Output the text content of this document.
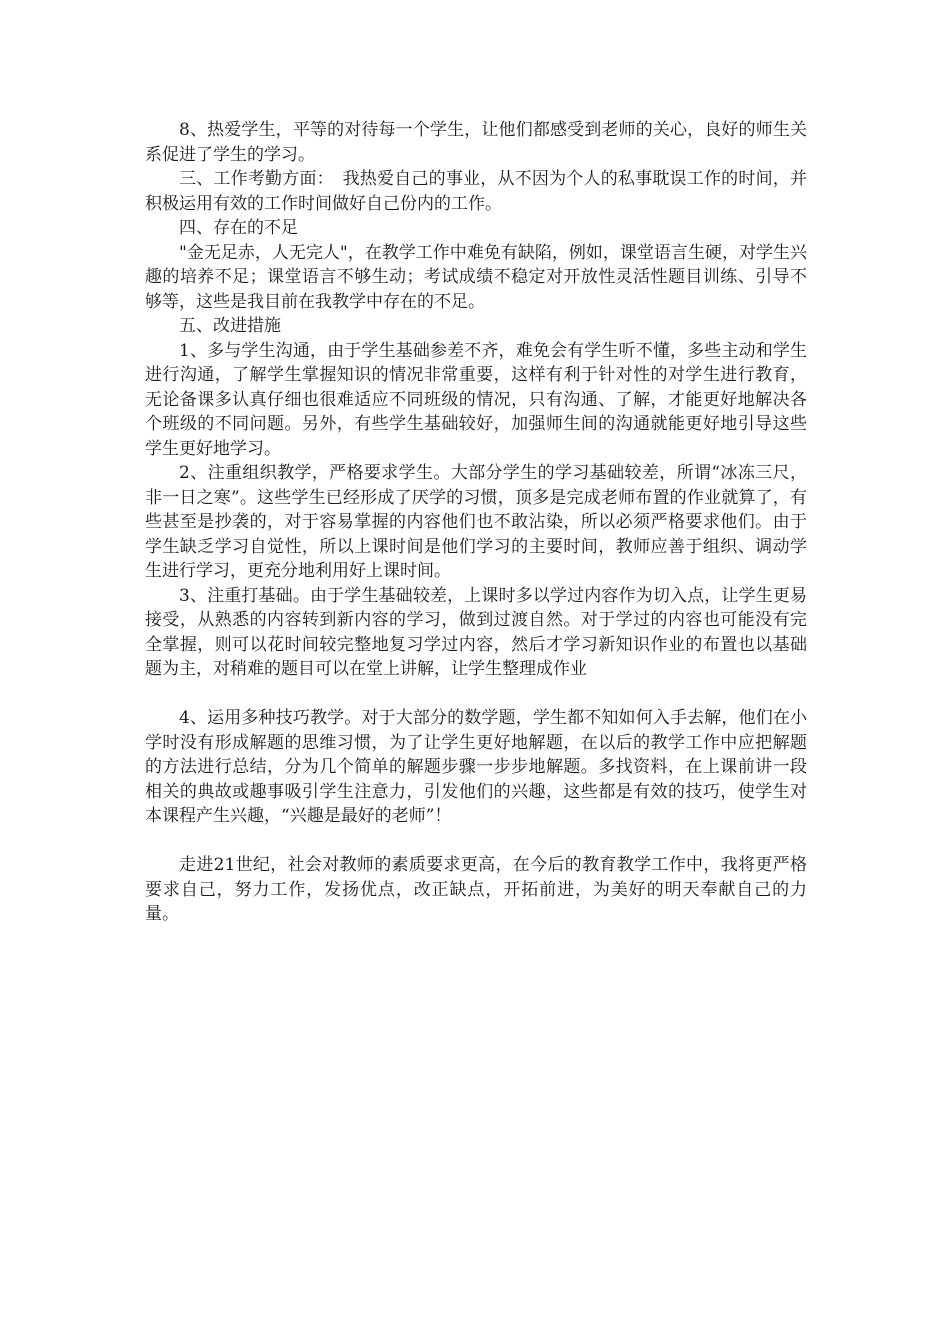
8、热爱学生，平等的对待每一个学生，让他们都感受到老师的关心，良好的师生关系促进了学生的学习。

三、工作考勤方面：　我热爱自己的事业，从不因为个人的私事耽误工作的时间，并积极运用有效的工作时间做好自己份内的工作。

四、存在的不足

"金无足赤，人无完人"，在教学工作中难免有缺陷，例如，课堂语言生硬，对学生兴趣的培养不足；课堂语言不够生动；考试成绩不稳定对开放性灵活性题目训练、引导不够等，这些是我目前在我教学中存在的不足。

五、改进措施

1、多与学生沟通，由于学生基础参差不齐，难免会有学生听不懂，多些主动和学生进行沟通，了解学生掌握知识的情况非常重要，这样有利于针对性的对学生进行教育，无论备课多认真仔细也很难适应不同班级的情况，只有沟通、了解，才能更好地解决各个班级的不同问题。另外，有些学生基础较好，加强师生间的沟通就能更好地引导这些学生更好地学习。

2、注重组织教学，严格要求学生。大部分学生的学习基础较差，所谓“冰冻三尺，非一日之寒”。这些学生已经形成了厌学的习惯，顶多是完成老师布置的作业就算了，有些甚至是抄袭的，对于容易掌握的内容他们也不敢沾染，所以必须严格要求他们。由于学生缺乏学习自觉性，所以上课时间是他们学习的主要时间，教师应善于组织、调动学生进行学习，更充分地利用好上课时间。

3、注重打基础。由于学生基础较差，上课时多以学过内容作为切入点，让学生更易接受，从熟悉的内容转到新内容的学习，做到过渡自然。对于学过的内容也可能没有完全掌握，则可以花时间较完整地复习学过内容，然后才学习新知识作业的布置也以基础题为主，对稍难的题目可以在堂上讲解，让学生整理成作业

4、运用多种技巧教学。对于大部分的数学题，学生都不知如何入手去解，他们在小学时没有形成解题的思维习惯，为了让学生更好地解题，在以后的教学工作中应把解题的方法进行总结，分为几个简单的解题步骤一步步地解题。多找资料，在上课前讲一段相关的典故或趣事吸引学生注意力，引发他们的兴趣，这些都是有效的技巧，使学生对本课程产生兴趣，“兴趣是最好的老师”！

走进21世纪，社会对教师的素质要求更高，在今后的教育教学工作中，我将更严格要求自己，努力工作，发扬优点，改正缺点，开拓前进，为美好的明天奉献自己的力量。
